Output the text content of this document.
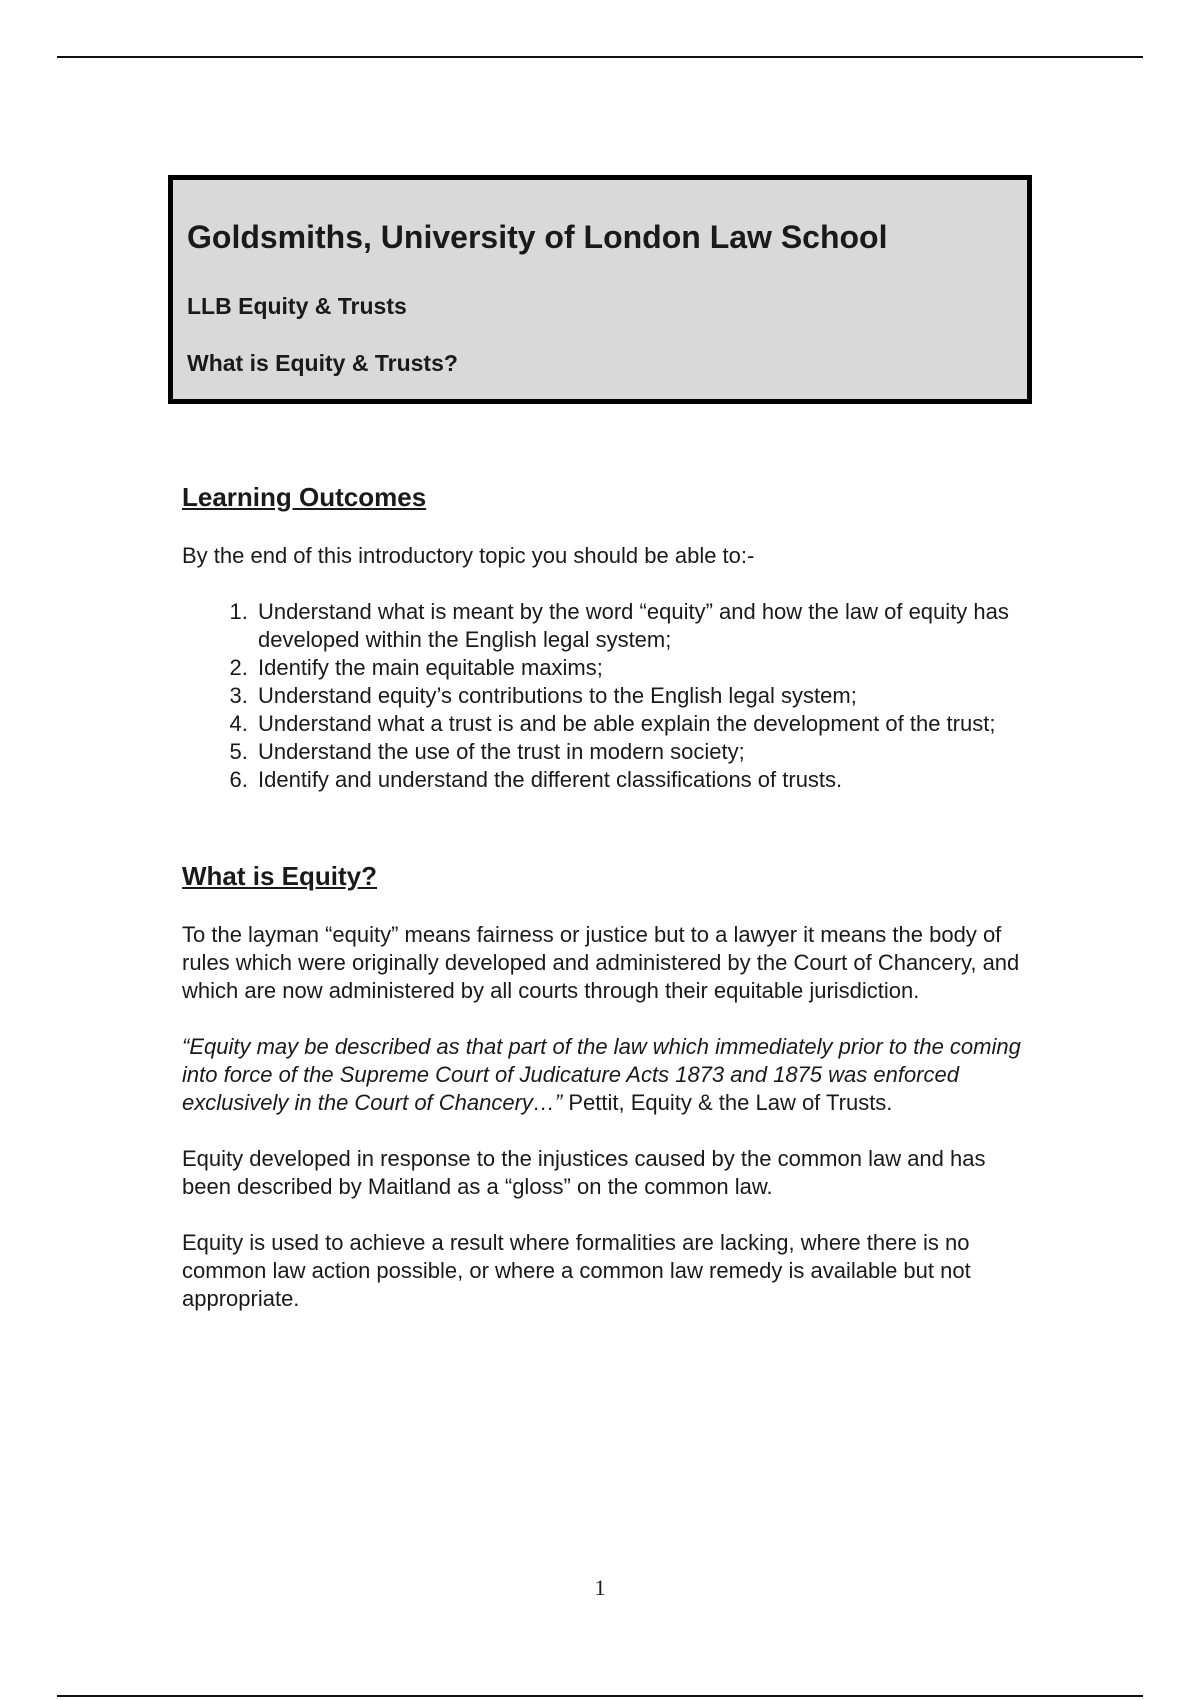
Goldsmiths, University of London Law School

LLB Equity & Trusts

What is Equity & Trusts?

Learning Outcomes

By the end of this introductory topic you should be able to:-

1. Understand what is meant by the word “equity” and how the law of equity has developed within the English legal system;
2. Identify the main equitable maxims;
3. Understand equity’s contributions to the English legal system;
4. Understand what a trust is and be able explain the development of the trust;
5. Understand the use of the trust in modern society;
6. Identify and understand the different classifications of trusts.
What is Equity?

To the layman “equity” means fairness or justice but to a lawyer it means the body of rules which were originally developed and administered by the Court of Chancery, and which are now administered by all courts through their equitable jurisdiction.

“Equity may be described as that part of the law which immediately prior to the coming into force of the Supreme Court of Judicature Acts 1873 and 1875 was enforced exclusively in the Court of Chancery…” Pettit, Equity & the Law of Trusts.

Equity developed in response to the injustices caused by the common law and has been described by Maitland as a “gloss” on the common law.

Equity is used to achieve a result where formalities are lacking, where there is no common law action possible, or where a common law remedy is available but not appropriate.

1
